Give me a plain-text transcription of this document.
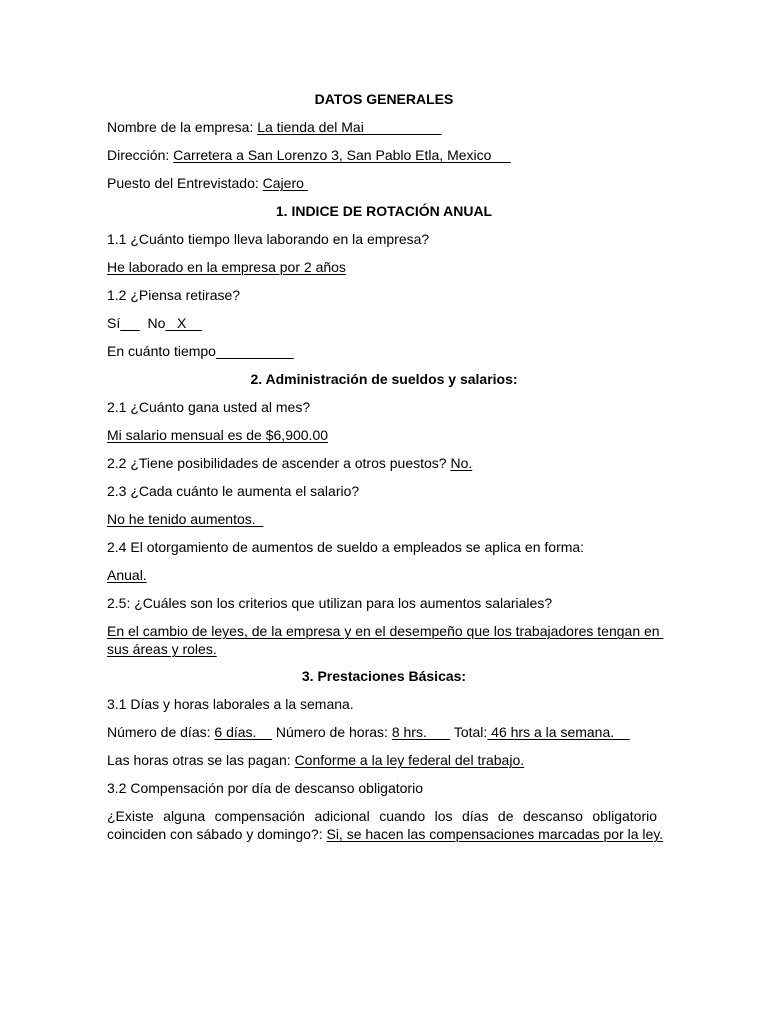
DATOS GENERALES
Nombre de la empresa: La tienda del Mai
Dirección: Carretera a San Lorenzo 3, San Pablo Etla, Mexico
Puesto del Entrevistado: Cajero
1. INDICE DE ROTACIÓN ANUAL
1.1 ¿Cuánto tiempo lleva laborando en la empresa?
He laborado en la empresa por 2 años
1.2 ¿Piensa retirase?
Sí       No   X
En cuánto tiempo
2. Administración de sueldos y salarios:
2.1 ¿Cuánto gana usted al mes?
Mi salario mensual es de $6,900.00
2.2 ¿Tiene posibilidades de ascender a otros puestos? No.
2.3 ¿Cada cuánto le aumenta el salario?
No he tenido aumentos.
2.4 El otorgamiento de aumentos de sueldo a empleados se aplica en forma:
Anual.
2.5: ¿Cuáles son los criterios que utilizan para los aumentos salariales?
En el cambio de leyes, de la empresa y en el desempeño que los trabajadores tengan en
sus áreas y roles.
3. Prestaciones Básicas:
3.1 Días y horas laborales a la semana.
Número de días: 6 días.     Número de horas: 8 hrs.       Total: 46 hrs a la semana.
Las horas otras se las pagan: Conforme a la ley federal del trabajo.
3.2 Compensación por día de descanso obligatorio
¿Existe alguna compensación adicional cuando los días de descanso obligatorio
coinciden con sábado y domingo?: Si, se hacen las compensaciones marcadas por la ley.
